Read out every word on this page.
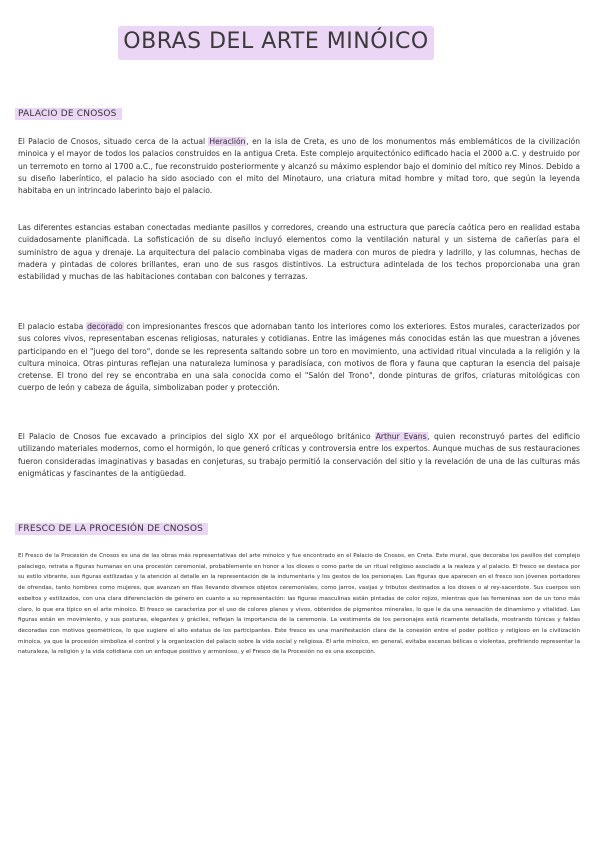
OBRAS DEL ARTE MINÓICO
PALACIO DE CNOSOS
El Palacio de Cnosos, situado cerca de la actual Heraclión, en la isla de Creta, es uno de los monumentos más emblemáticos de la civilización minoica y el mayor de todos los palacios construidos en la antigua Creta. Este complejo arquitectónico edificado hacia el 2000 a.C. y destruido por un terremoto en torno al 1700 a.C., fue reconstruido posteriormente y alcanzó su máximo esplendor bajo el dominio del mítico rey Minos. Debido a su diseño laberíntico, el palacio ha sido asociado con el mito del Minotauro, una criatura mitad hombre y mitad toro, que según la leyenda habitaba en un intrincado laberinto bajo el palacio.
Las diferentes estancias estaban conectadas mediante pasillos y corredores, creando una estructura que parecía caótica pero en realidad estaba cuidadosamente planificada. La sofisticación de su diseño incluyó elementos como la ventilación natural y un sistema de cañerías para el suministro de agua y drenaje. La arquitectura del palacio combinaba vigas de madera con muros de piedra y ladrillo, y las columnas, hechas de madera y pintadas de colores brillantes, eran uno de sus rasgos distintivos. La estructura adintelada de los techos proporcionaba una gran estabilidad y muchas de las habitaciones contaban con balcones y terrazas.
El palacio estaba decorado con impresionantes frescos que adornaban tanto los interiores como los exteriores. Estos murales, caracterizados por sus colores vivos, representaban escenas religiosas, naturales y cotidianas. Entre las imágenes más conocidas están las que muestran a jóvenes participando en el "juego del toro", donde se les representa saltando sobre un toro en movimiento, una actividad ritual vinculada a la religión y la cultura minoica. Otras pinturas reflejan una naturaleza luminosa y paradisíaca, con motivos de flora y fauna que capturan la esencia del paisaje cretense. El trono del rey se encontraba en una sala conocida como el "Salón del Trono", donde pinturas de grifos, criaturas mitológicas con cuerpo de león y cabeza de águila, simbolizaban poder y protección.
El Palacio de Cnosos fue excavado a principios del siglo XX por el arqueólogo británico Arthur Evans, quien reconstruyó partes del edificio utilizando materiales modernos, como el hormigón, lo que generó críticas y controversia entre los expertos. Aunque muchas de sus restauraciones fueron consideradas imaginativas y basadas en conjeturas, su trabajo permitió la conservación del sitio y la revelación de una de las culturas más enigmáticas y fascinantes de la antigüedad.
FRESCO DE LA PROCESIÓN DE CNOSOS
El Fresco de la Procesión de Cnosos es una de las obras más representativas del arte minoico y fue encontrado en el Palacio de Cnosos, en Creta. Este mural, que decoraba los pasillos del complejo palaciego, retrata a figuras humanas en una procesión ceremonial, probablemente en honor a los dioses o como parte de un ritual religioso asociado a la realeza y al palacio. El fresco se destaca por su estilo vibrante, sus figuras estilizadas y la atención al detalle en la representación de la indumentaria y los gestos de los personajes. Las figuras que aparecen en el fresco son jóvenes portadores de ofrendas, tanto hombres como mujeres, que avanzan en filas llevando diversos objetos ceremoniales, como jarros, vasijas y tributos destinados a los dioses o al rey-sacerdote. Sus cuerpos son esbeltos y estilizados, con una clara diferenciación de género en cuanto a su representación: las figuras masculinas están pintadas de color rojizo, mientras que las femeninas son de un tono más claro, lo que era típico en el arte minoico. El fresco se caracteriza por el uso de colores planos y vivos, obtenidos de pigmentos minerales, lo que le da una sensación de dinamismo y vitalidad. Las figuras están en movimiento, y sus posturas, elegantes y gráciles, reflejan la importancia de la ceremonia. La vestimenta de los personajes está ricamente detallada, mostrando túnicas y faldas decoradas con motivos geométricos, lo que sugiere el alto estatus de los participantes. Este fresco es una manifestación clara de la conexión entre el poder político y religioso en la civilización minoica, ya que la procesión simboliza el control y la organización del palacio sobre la vida social y religiosa. El arte minoico, en general, evitaba escenas bélicas o violentas, prefiriendo representar la naturaleza, la religión y la vida cotidiana con un enfoque positivo y armonioso, y el Fresco de la Procesión no es una excepción.
